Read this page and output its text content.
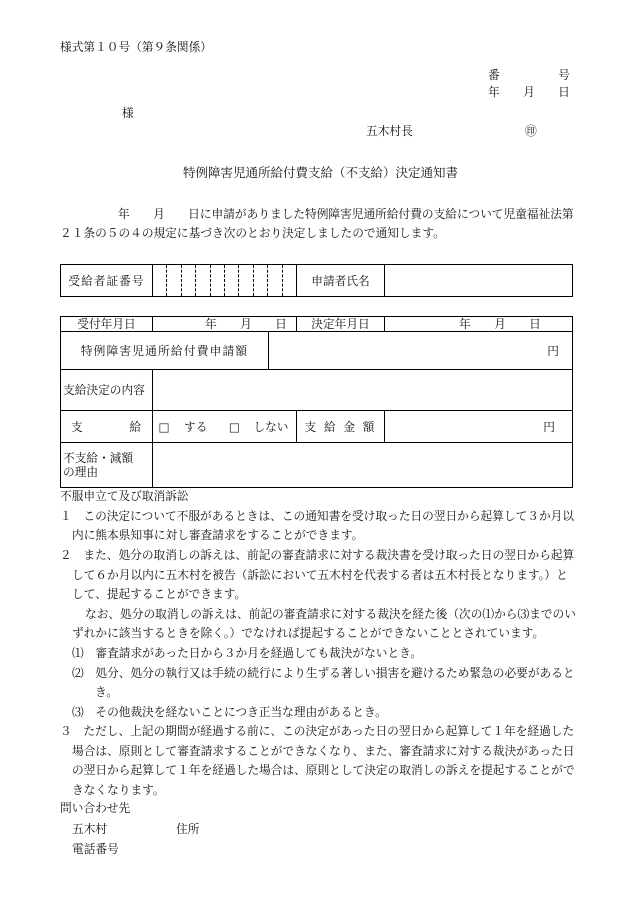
様式第１０号（第９条関係）
番　　　　　号
年　　月　　日
様
五木村長	㊞
特例障害児通所給付費支給（不支給）決定通知書
年　　月　　日に申請がありました特例障害児通所給付費の支給について児童福祉法第
２１条の５の４の規定に基づき次のとおり決定しましたので通知します。
受給者証番号	申請者氏名
受付年月日	年　　月　　日 決定年月日	年　　月　　日
特例障害児通所給付費申請額	円
支給決定の内容
支　　　　給 □ する □ しない 支 給 金 額	円
不支給・減額
の理由
不服申立て及び取消訴訟
１　この決定について不服があるときは、この通知書を受け取った日の翌日から起算して３か月以
内に熊本県知事に対し審査請求をすることができます。
２　また、処分の取消しの訴えは、前記の審査請求に対する裁決書を受け取った日の翌日から起算
して６か月以内に五木村を被告（訴訟において五木村を代表する者は五木村長となります。）と
して、提起することができます。
なお、処分の取消しの訴えは、前記の審査請求に対する裁決を経た後（次の⑴から⑶までのい
ずれかに該当するときを除く。）でなければ提起することができないこととされています。
⑴　審査請求があった日から３か月を経過しても裁決がないとき。
⑵　処分、処分の執行又は手続の続行により生ずる著しい損害を避けるため緊急の必要があると
き。
⑶　その他裁決を経ないことにつき正当な理由があるとき。
３　ただし、上記の期間が経過する前に、この決定があった日の翌日から起算して１年を経過した
場合は、原則として審査請求することができなくなり、また、審査請求に対する裁決があった日
の翌日から起算して１年を経過した場合は、原則として決定の取消しの訴えを提起することがで
きなくなります。
問い合わせ先
五木村	住所
電話番号
